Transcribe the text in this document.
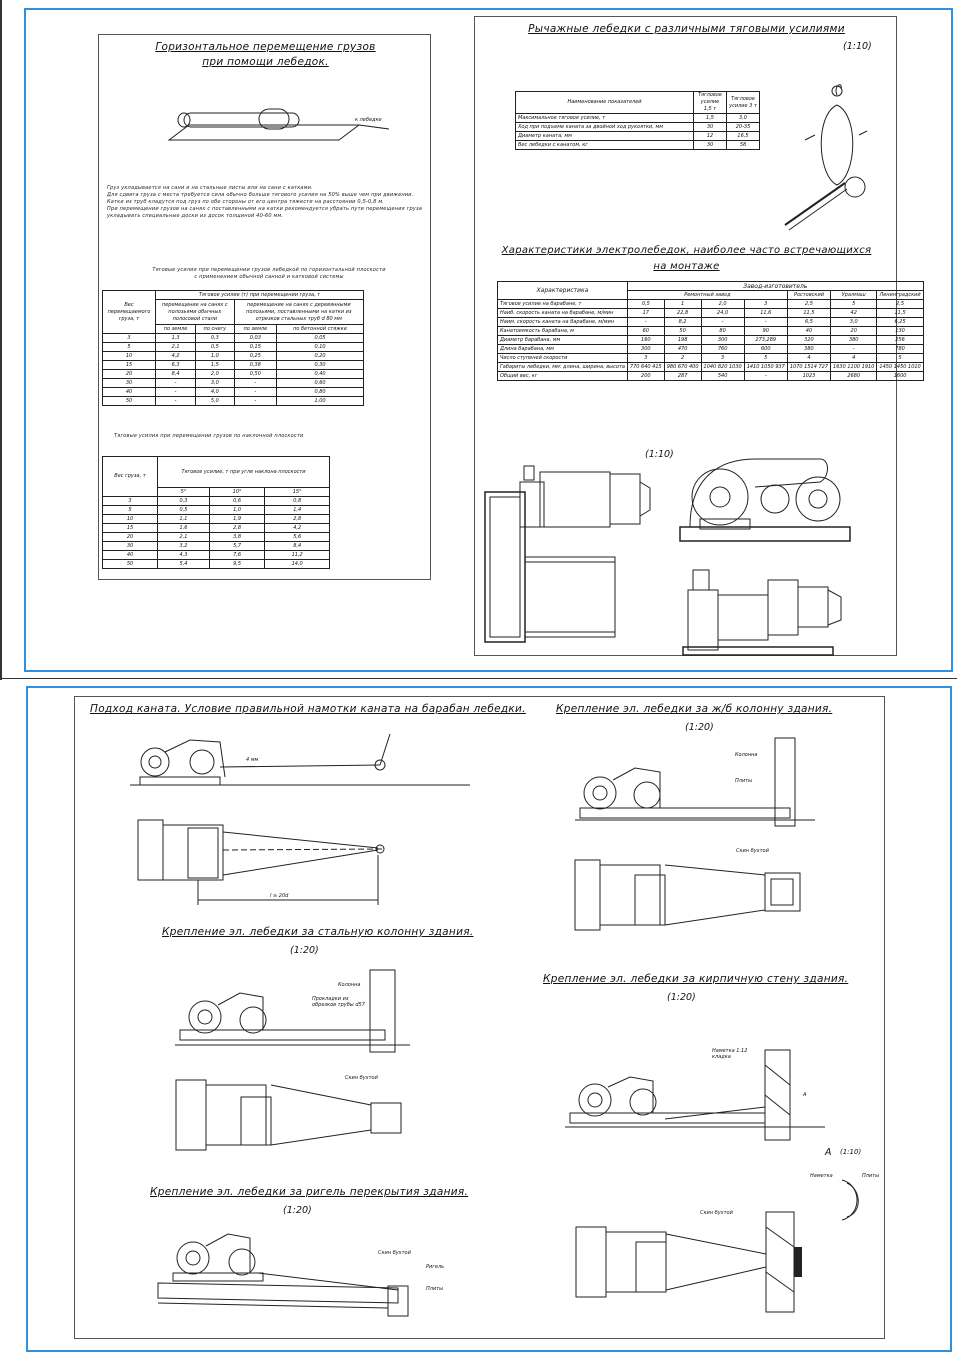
Горизонтальное перемещение грузов
при помощи лебедок.
к лебедке
Груз укладывается на сани и на стальные листы или на сани с катками.
Для сдвига груза с места требуется сила обычно больше тягового усилия на 50% выше чем при движении.
Катки из труб кладутся под груз по обе стороны от его центра тяжести на расстоянии 0,5-0,8 м.
При перемещении грузов на санях с поставленными на катки рекомендуется убрать пути перемещения груза
укладывать специальные доски из досок толщиной 40-60 мм.
Тяговые усилия при перемещении грузов лебедкой по горизонтальной плоскости
с применением обычной санной и катковой системы
Вес перемещаемого груза, т	Тяговое усилие (т) при перемещении груза, т			
	перемещение на санях с полозьями обычных полосовой стали		перемещение на санях с деревянными полозьями, поставленными на катки из отрезков стальных труб d 80 мм	
	по земле	по снегу	по земле	по бетонной стяжке
3	1,3	0,3	0,03	0,05
5	2,1	0,5	0,15	0,10
10	4,2	1,0	0,25	0,20
15	6,3	1,5	0,38	0,30
20	8,4	2,0	0,50	0,40
30	-	3,0	-	0,60
40	-	4,0	-	0,80
50	-	5,0	-	1,00
Тяговые усилия при перемещении грузов по наклонной плоскости
Вес груза, т	Тяговое усилие, т при угле наклона плоскости		
	5°	10°	15°
3	0,3	0,6	0,8
5	0,5	1,0	1,4
10	1,1	1,9	2,8
15	1,6	2,8	4,2
20	2,1	3,8	5,6
30	3,2	5,7	8,4
40	4,3	7,6	11,2
50	5,4	9,5	14,0
Рычажные лебедки с различными тяговыми усилиями
(1:10)
Наименование показателей	Тягловое усилие 1,5 т	Тягловое усилие 3 т
Максимальное тяговое усилие, т	1,5	3,0
Ход при подъеме каната за двойной ход рукоятки, мм	30	20-35
Диаметр каната, мм	12	16,5
Вес лебедки с канатом, кг	30	58
Характеристики электролебедок, наиболее часто встречающихся
на монтаже
Характеристика	Завод-изготовитель						
	Ремонтный завод				Ростовский	Уралмаш	Ленинградский

Тяговое усилие на барабане, т	0,5	1	2,0	3	2,5	5	2,5
Наиб. скорость каната на барабане, м/мин	17	22,8	24,0	11,6	11,5	42	11,5
Наим. скорость каната на барабане, м/мин	-	8,2	-	-	6,5	3,0	6,25
Канатоемкость барабана, м	60	50	80	90	40	20	130
Диаметр барабана, мм	160	198	300	273,289	320	380	256
Длина барабана, мм	300	470	760	600	380	-	780
Число ступеней скорости	3	2	3	5	4	4	5
Габариты лебедки, мм: длина, ширина, высота	770 640 415	980 670 400	1040 820 1030	1410 1050 937	1070 1514 727	1630 1100 1910	1450 1450 1010
Общий вес, кг	200	287	540	-	1023	2680	1600
(1:10)
Подход каната. Условие правильной намотки каната на барабан лебедки.	Крепление эл. лебедки за ж/б колонну здания.
(1:20)
4 мм
l ≥ 20d
Колонна
Плиты
Скин бухтой
Крепление эл. лебедки за стальную колонну здания.
(1:20)
Колонна
Прокладки из обрезков трубы d57
Скин бухтой
Крепление эл. лебедки за кирпичную стену здания.
(1:20)
Наметка 1.12 кладка
A
A (1:10)
Наметка	Плиты
Скин бухтой
Крепление эл. лебедки за ригель перекрытия здания.
(1:20)
Скин бухтой
Ригель
Плиты
